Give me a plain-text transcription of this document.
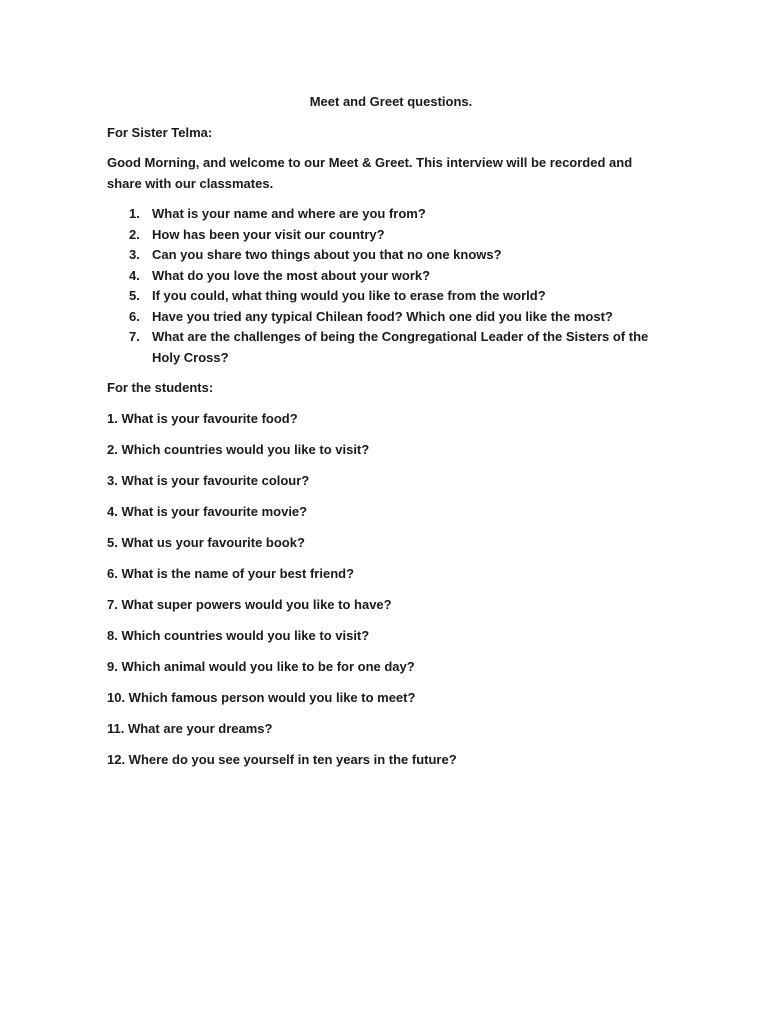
Meet and Greet questions.
For Sister Telma:
Good Morning, and welcome to our Meet & Greet. This interview will be recorded and share with our classmates.
1. What is your name and where are you from?
2. How has been your visit our country?
3. Can you share two things about you that no one knows?
4. What do you love the most about your work?
5. If you could, what thing would you like to erase from the world?
6. Have you tried any typical Chilean food? Which one did you like the most?
7. What are the challenges of being the Congregational Leader of the Sisters of the Holy Cross?
For the students:
1. What is your favourite food?
2. Which countries would you like to visit?
3. What is your favourite colour?
4. What is your favourite movie?
5. What us your favourite book?
6. What is the name of your best friend?
7. What super powers would you like to have?
8. Which countries would you like to visit?
9. Which animal would you like to be for one day?
10. Which famous person would you like to meet?
11. What are your dreams?
12. Where do you see yourself in ten years in the future?
